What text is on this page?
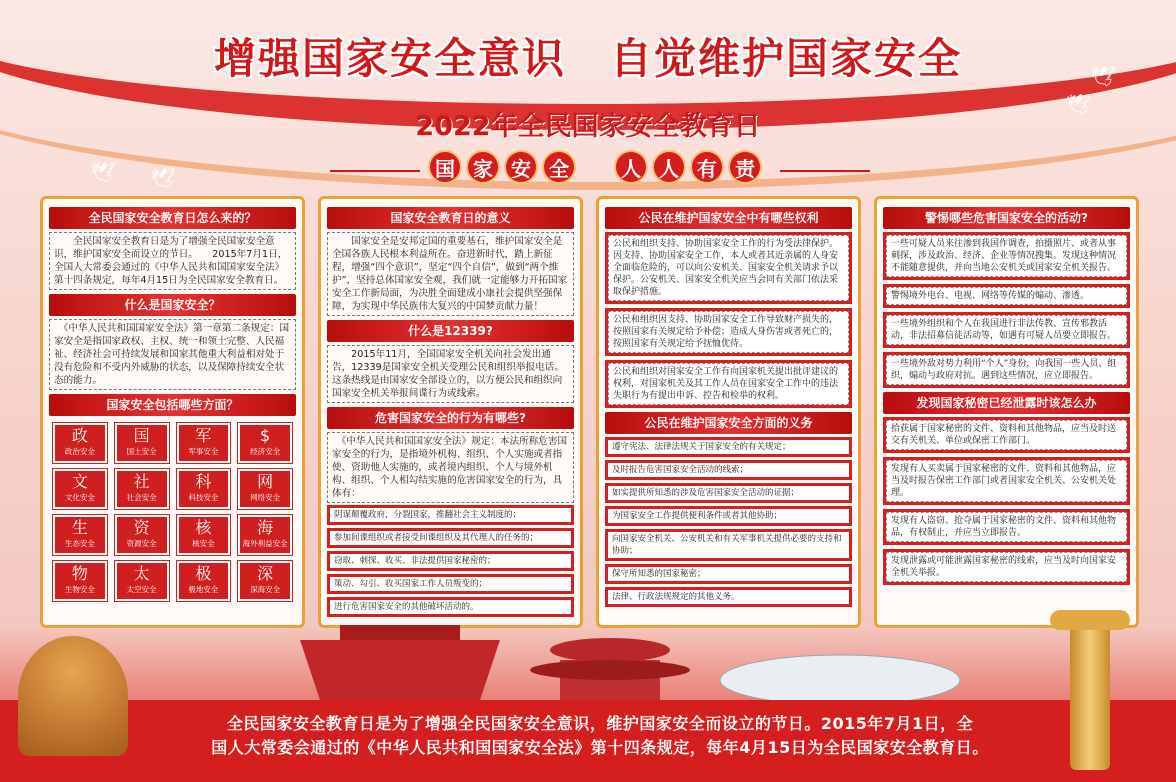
🕊 🕊
🕊
🕊
增强国家安全意识　自觉维护国家安全
2022年全民国家安全教育日
国 家 安 全	人 人 有 责
全民国家安全教育日怎么来的？
　　全民国家安全教育日是为了增强全民国家安全意识，维护国家安全而设立的节日。　　2015年7月1日，全国人大常委会通过的《中华人民共和国国家安全法》第十四条规定，每年4月15日为全民国家安全教育日。
什么是国家安全？
　《中华人民共和国国家安全法》第一章第二条规定：国家安全是指国家政权、主权、统一和领土完整、人民福祉、经济社会可持续发展和国家其他重大利益相对处于没有危险和不受内外威胁的状态，以及保障持续安全状态的能力。
国家安全包括哪些方面？
政
政治安全
国
国土安全
军
军事安全
$
经济安全
文
文化安全
社
社会安全
科
科技安全
网
网络安全
生
生态安全
资
资源安全
核
核安全
海
海外利益安全
物
生物安全
太
太空安全
极
极地安全
深
深海安全
国家安全教育日的意义
　　国家安全是安邦定国的重要基石，维护国家安全是全国各族人民根本利益所在。奋进新时代，踏上新征程，增强“四个意识”，坚定“四个自信”，做到“两个维护”，坚持总体国家安全观，我们就一定能够力开拓国家安全工作新局面，为决胜全面建成小康社会提供坚强保障，为实现中华民族伟大复兴的中国梦贡献力量！
什么是12339?
　　2015年11月，全国国家安全机关向社会发出通告，12339是国家安全机关受理公民和组织举报电话。这条热线是由国家安全部设立的，以方便公民和组织向国家安全机关举报间谍行为或线索。
危害国家安全的行为有哪些?
　《中华人民共和国国家安全法》规定：本法所称危害国家安全的行为，是指境外机构、组织、个人实施或者指使、资助他人实施的，或者境内组织、个人与境外机构、组织、个人相勾结实施的危害国家安全的行为，具体有：
阴谋颠覆政府，分裂国家，推翻社会主义制度的；
参加间谍组织或者接受间谍组织及其代理人的任务的；
窃取、刺探、收买、非法提供国家秘密的；
策动、勾引、收买国家工作人员叛变的；
进行危害国家安全的其他破坏活动的。
公民在维护国家安全中有哪些权利
公民和组织支持、协助国家安全工作的行为受法律保护。因支持、协助国家安全工作，本人或者其近亲属的人身安全面临危险的，可以向公安机关、国家安全机关请求予以保护。公安机关、国家安全机关应当会同有关部门依法采取保护措施。
公民和组织因支持、协助国家安全工作导致财产损失的，按照国家有关规定给予补偿；造成人身伤害或者死亡的，按照国家有关规定给予抚恤优待。
公民和组织对国家安全工作有向国家机关提出批评建议的权利，对国家机关及其工作人员在国家安全工作中的违法失职行为有提出申诉、控告和检举的权利。
公民在维护国家安全方面的义务
遵守宪法、法律法规关于国家安全的有关规定；
及时报告危害国家安全活动的线索；
如实提供所知悉的涉及危害国家安全活动的证据；
为国家安全工作提供便利条件或者其他协助；
向国家安全机关、公安机关和有关军事机关提供必要的支持和协助；
保守所知悉的国家秘密；
法律、行政法规规定的其他义务。
警惕哪些危害国家安全的活动?
一些可疑人员来往渗到我国作调查，拍摄照片、或者从事刺探，涉及政治、经济、企业等情况搜集。发现这种情况不能随意提供，并向当地公安机关或国家安全机关报告。
警惕境外电台、电视、网络等传媒的煽动、渗透。
一些境外组织和个人在我国进行非法传教、宣传邪教活动，非法招募信徒活动等，如遇有可疑人员要立即报告。
一些境外敌对势力利用“个人”身份，向我国一些人员、组织，煽动与政府对抗。遇到这些情况，应立即报告。
发现国家秘密已经泄露时该怎么办
拾获属于国家秘密的文件、资料和其他物品，应当及时送交有关机关、单位或保密工作部门。
发现有人买卖属于国家秘密的文件、资料和其他物品，应当及时报告保密工作部门或者国家安全机关、公安机关处理。
发现有人盗窃、抢夺属于国家秘密的文件、资料和其他物品，有权制止，并应当立即报告。
发现泄露或可能泄露国家秘密的线索，应当及时向国家安全机关举报。
全民国家安全教育日是为了增强全民国家安全意识，维护国家安全而设立的节日。2015年7月1日，全
国人大常委会通过的《中华人民共和国国家安全法》第十四条规定，每年4月15日为全民国家安全教育日。
